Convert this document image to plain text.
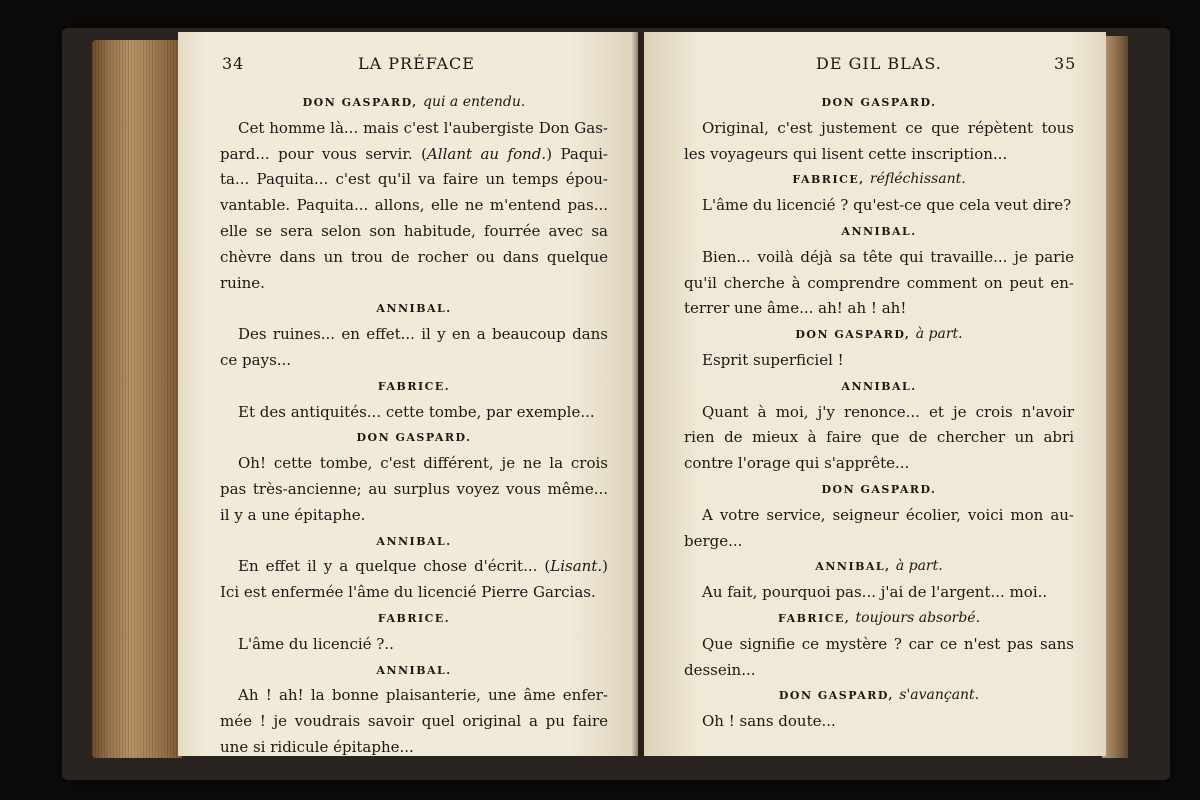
34	LA PRÉFACE

DON GASPARD, qui a entendu.

Cet homme là... mais c'est l'aubergiste Don Gas-pard... pour vous servir. (Allant au fond.) Paqui-ta... Paquita... c'est qu'il va faire un temps épou-vantable. Paquita... allons, elle ne m'entend pas... elle se sera selon son habitude, fourrée avec sa chèvre dans un trou de rocher ou dans quelque ruine.

ANNIBAL.

Des ruines... en effet... il y en a beaucoup dans ce pays...

FABRICE.

Et des antiquités... cette tombe, par exemple...

DON GASPARD.

Oh! cette tombe, c'est différent, je ne la crois pas très-ancienne; au surplus voyez vous même... il y a une épitaphe.

ANNIBAL.

En effet il y a quelque chose d'écrit... (Lisant.) Ici est enfermée l'âme du licencié Pierre Garcias.

FABRICE.

L'âme du licencié ?..

ANNIBAL.

Ah ! ah! la bonne plaisanterie, une âme enfer-mée ! je voudrais savoir quel original a pu faire une si ridicule épitaphe...

DE GIL BLAS.	35

DON GASPARD.

Original, c'est justement ce que répètent tous les voyageurs qui lisent cette inscription...

FABRICE, réfléchissant.

L'âme du licencié ? qu'est-ce que cela veut dire?

ANNIBAL.

Bien... voilà déjà sa tête qui travaille... je parie qu'il cherche à comprendre comment on peut en-terrer une âme... ah! ah ! ah!

DON GASPARD, à part.

Esprit superficiel !

ANNIBAL.

Quant à moi, j'y renonce... et je crois n'avoir rien de mieux à faire que de chercher un abri contre l'orage qui s'apprête...

DON GASPARD.

A votre service, seigneur écolier, voici mon au-berge...

ANNIBAL, à part.

Au fait, pourquoi pas... j'ai de l'argent... moi..

FABRICE, toujours absorbé.

Que signifie ce mystère ? car ce n'est pas sans dessein...

DON GASPARD, s'avançant.

Oh ! sans doute...
